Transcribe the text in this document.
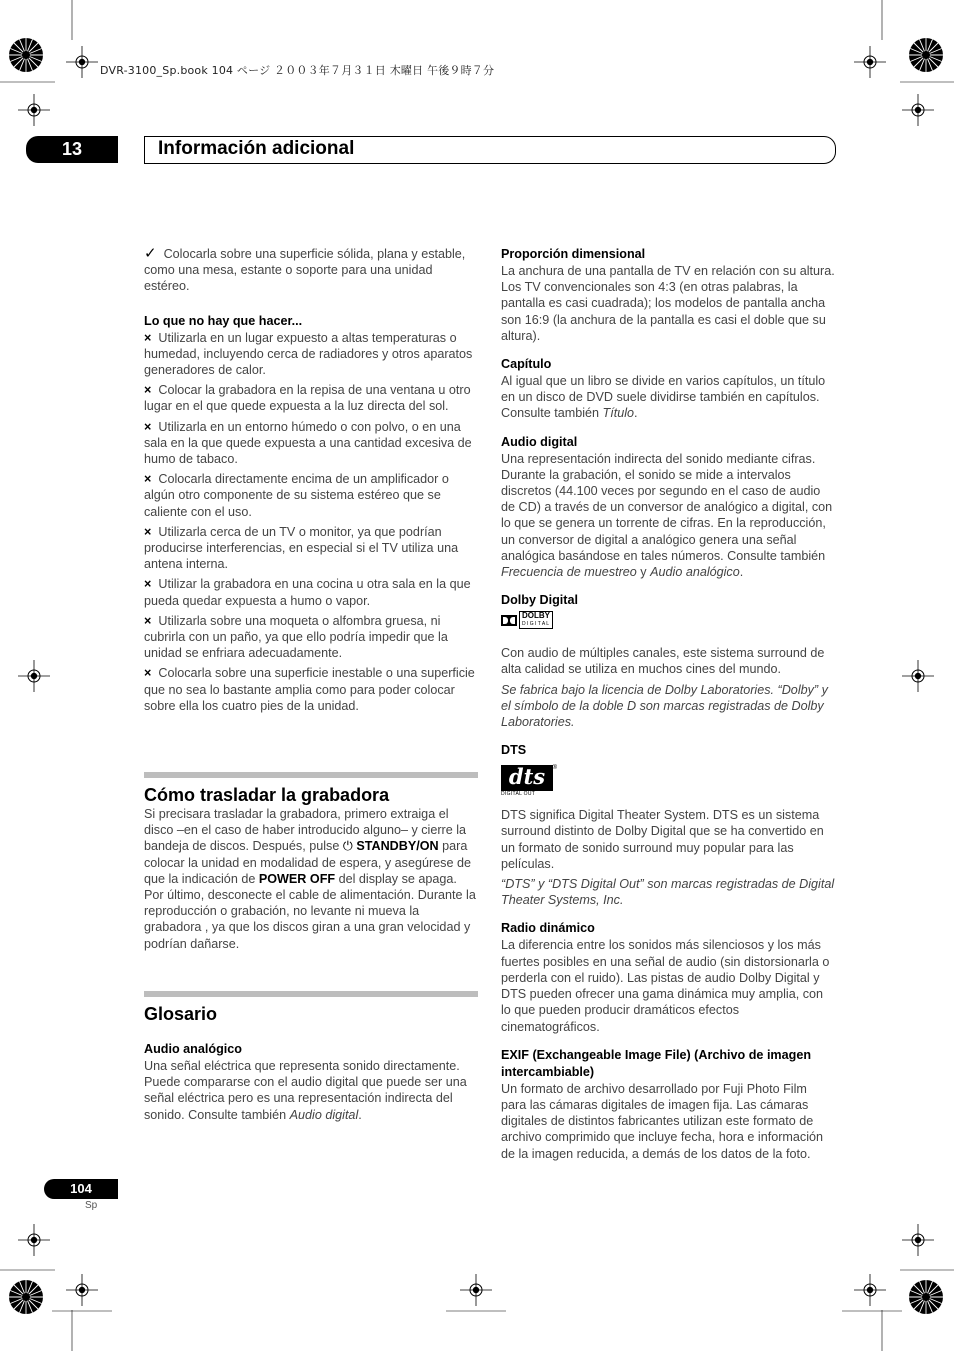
DVR-3100_Sp.book 104 ページ ２００３年７月３１日 木曜日 午後９時７分
13	Información adicional

✓ Colocarla sobre una superficie sólida, plana y estable, como una mesa, estante o soporte para una unidad estéreo.

Lo que no hay que hacer...

× Utilizarla en un lugar expuesto a altas temperaturas o humedad, incluyendo cerca de radiadores y otros aparatos generadores de calor.

× Colocar la grabadora en la repisa de una ventana u otro lugar en el que quede expuesta a la luz directa del sol.

× Utilizarla en un entorno húmedo o con polvo, o en una sala en la que quede expuesta a una cantidad excesiva de humo de tabaco.

× Colocarla directamente encima de un amplificador o algún otro componente de su sistema estéreo que se caliente con el uso.

× Utilizarla cerca de un TV o monitor, ya que podrían producirse interferencias, en especial si el TV utiliza una antena interna.

× Utilizar la grabadora en una cocina u otra sala en la que pueda quedar expuesta a humo o vapor.

× Utilizarla sobre una moqueta o alfombra gruesa, ni cubrirla con un paño, ya que ello podría impedir que la unidad se enfriara adecuadamente.

× Colocarla sobre una superficie inestable o una superficie que no sea lo bastante amplia como para poder colocar sobre ella los cuatro pies de la unidad.

Cómo trasladar la grabadora

Si precisara trasladar la grabadora, primero extraiga el disco –en el caso de haber introducido alguno– y cierre la bandeja de discos. Después, pulse ⏻ STANDBY/ON para colocar la unidad en modalidad de espera, y asegúrese de que la indicación de POWER OFF del display se apaga. Por último, desconecte el cable de alimentación. Durante la reproducción o grabación, no levante ni mueva la grabadora , ya que los discos giran a una gran velocidad y podrían dañarse.

Glosario

Audio analógico

Una señal eléctrica que representa sonido directamente. Puede compararse con el audio digital que puede ser una señal eléctrica pero es una representación indirecta del sonido. Consulte también Audio digital.

Proporción dimensional

La anchura de una pantalla de TV en relación con su altura. Los TV convencionales son 4:3 (en otras palabras, la pantalla es casi cuadrada); los modelos de pantalla ancha son 16:9 (la anchura de la pantalla es casi el doble que su altura).

Capítulo

Al igual que un libro se divide en varios capítulos, un título en un disco de DVD suele dividirse también en capítulos. Consulte también Título.

Audio digital

Una representación indirecta del sonido mediante cifras. Durante la grabación, el sonido se mide a intervalos discretos (44.100 veces por segundo en el caso de audio de CD) a través de un conversor de analógico a digital, con lo que se genera un torrente de cifras. En la reproducción, un conversor de digital a analógico genera una señal analógica basándose en tales números. Consulte también Frecuencia de muestreo y Audio analógico.

Dolby Digital

DOLBY
D I G I T A L

Con audio de múltiples canales, este sistema surround de alta calidad se utiliza en muchos cines del mundo.

Se fabrica bajo la licencia de Dolby Laboratories. “Dolby” y el símbolo de la doble D son marcas registradas de Dolby Laboratories.

DTS

dts
DIGITAL OUT
®

DTS significa Digital Theater System. DTS es un sistema surround distinto de Dolby Digital que se ha convertido en un formato de sonido surround muy popular para las películas.

“DTS” y “DTS Digital Out” son marcas registradas de Digital Theater Systems, Inc.

Radio dinámico

La diferencia entre los sonidos más silenciosos y los más fuertes posibles en una señal de audio (sin distorsionarla o perderla con el ruido). Las pistas de audio Dolby Digital y DTS pueden ofrecer una gama dinámica muy amplia, con lo que pueden producir dramáticos efectos cinematográficos.

EXIF (Exchangeable Image File) (Archivo de imagen intercambiable)

Un formato de archivo desarrollado por Fuji Photo Film para las cámaras digitales de imagen fija. Las cámaras digitales de distintos fabricantes utilizan este formato de archivo comprimido que incluye fecha, hora e información de la imagen reducida, a demás de los datos de la foto.

104
Sp
